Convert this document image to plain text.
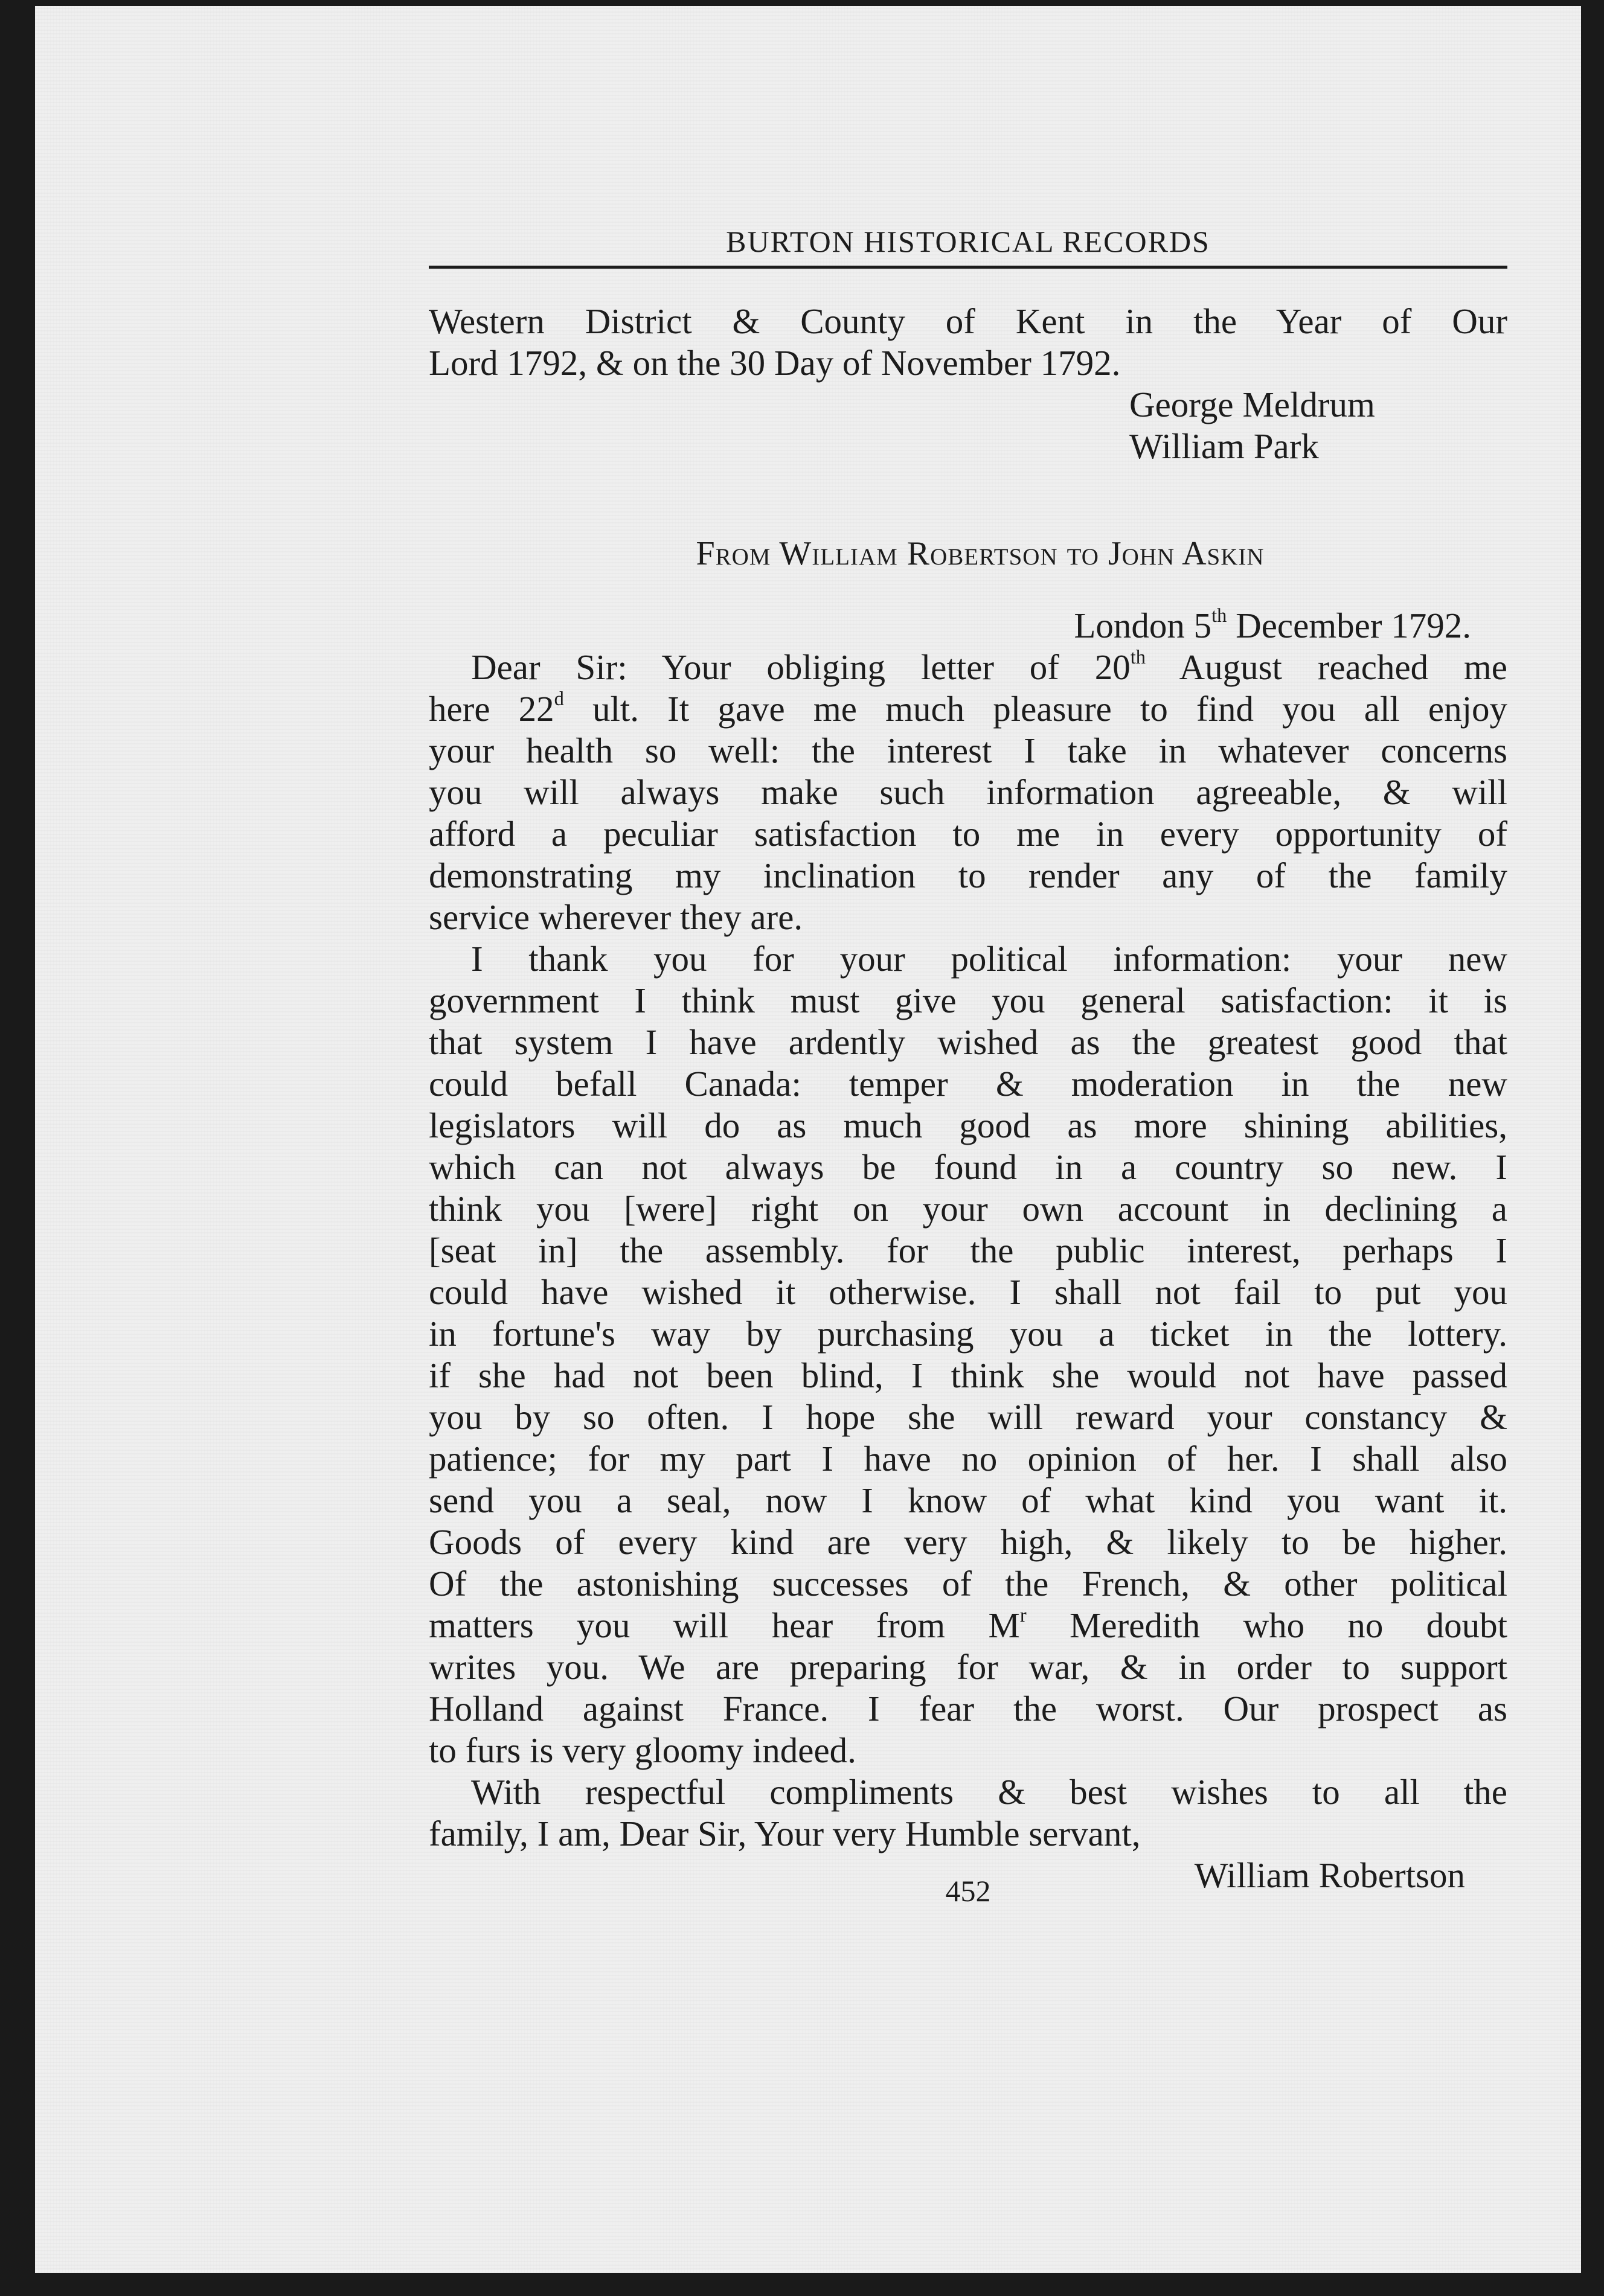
BURTON HISTORICAL RECORDS
Western District & County of Kent in the Year of Our
Lord 1792, & on the 30 Day of November 1792.
George Meldrum
William Park
From William Robertson to John Askin
London 5th December 1792.
Dear Sir: Your obliging letter of 20th August reached me
here 22$^d$ ult. It gave me much pleasure to find you all enjoy
your health so well: the interest I take in whatever concerns
you will always make such information agreeable, & will
afford a peculiar satisfaction to me in every opportunity of
demonstrating my inclination to render any of the family
service wherever they are.
I thank you for your political information: your new
government I think must give you general satisfaction: it is
that system I have ardently wished as the greatest good that
could befall Canada: temper & moderation in the new
legislators will do as much good as more shining abilities,
which can not always be found in a country so new. I
think you [were] right on your own account in declining a
[seat in] the assembly. for the public interest, perhaps I
could have wished it otherwise. I shall not fail to put you
in fortune's way by purchasing you a ticket in the lottery.
if she had not been blind, I think she would not have passed
you by so often. I hope she will reward your constancy &
patience; for my part I have no opinion of her. I shall also
send you a seal, now I know of what kind you want it.
Goods of every kind are very high, & likely to be higher.
Of the astonishing successes of the French, & other political
matters you will hear from $M^r$ Meredith who no doubt
writes you. We are preparing for war, & in order to support
Holland against France. I fear the worst. Our prospect as
to furs is very gloomy indeed.
With respectful compliments & best wishes to all the
family, I am, Dear Sir, Your very Humble servant,
William Robertson
452
